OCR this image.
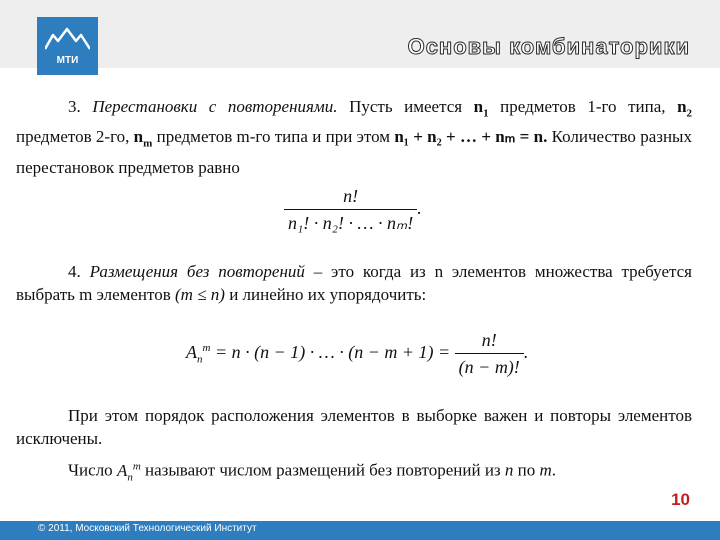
МТИ
Основы комбинаторики
3. Перестановки с повторениями. Пусть имеется $n_1$ предметов 1-го типа, $n_2$ предметов 2-го, $n_m$ предметов m-го типа и при этом n₁ + n₂ + … + nₘ = n. Количество разных перестановок предметов равно
$\frac{n!}{\text{n₁! · n₂! · … · nₘ!}}$ .
4. Размещения без повторений – это когда из n элементов множества требуется выбрать m элементов (m ≤ n) и линейно их упорядочить:
$A_n^m = n \cdot (n - 1)$ · … · $(n - m + 1) = \frac{n!}{(n - m)!}$ .
При этом порядок расположения элементов в выборке важен и повторы элементов исключены.
Число $A_n^m$ называют числом размещений без повторений из n по m.
10
© 2011, Московский Технологический Институт
